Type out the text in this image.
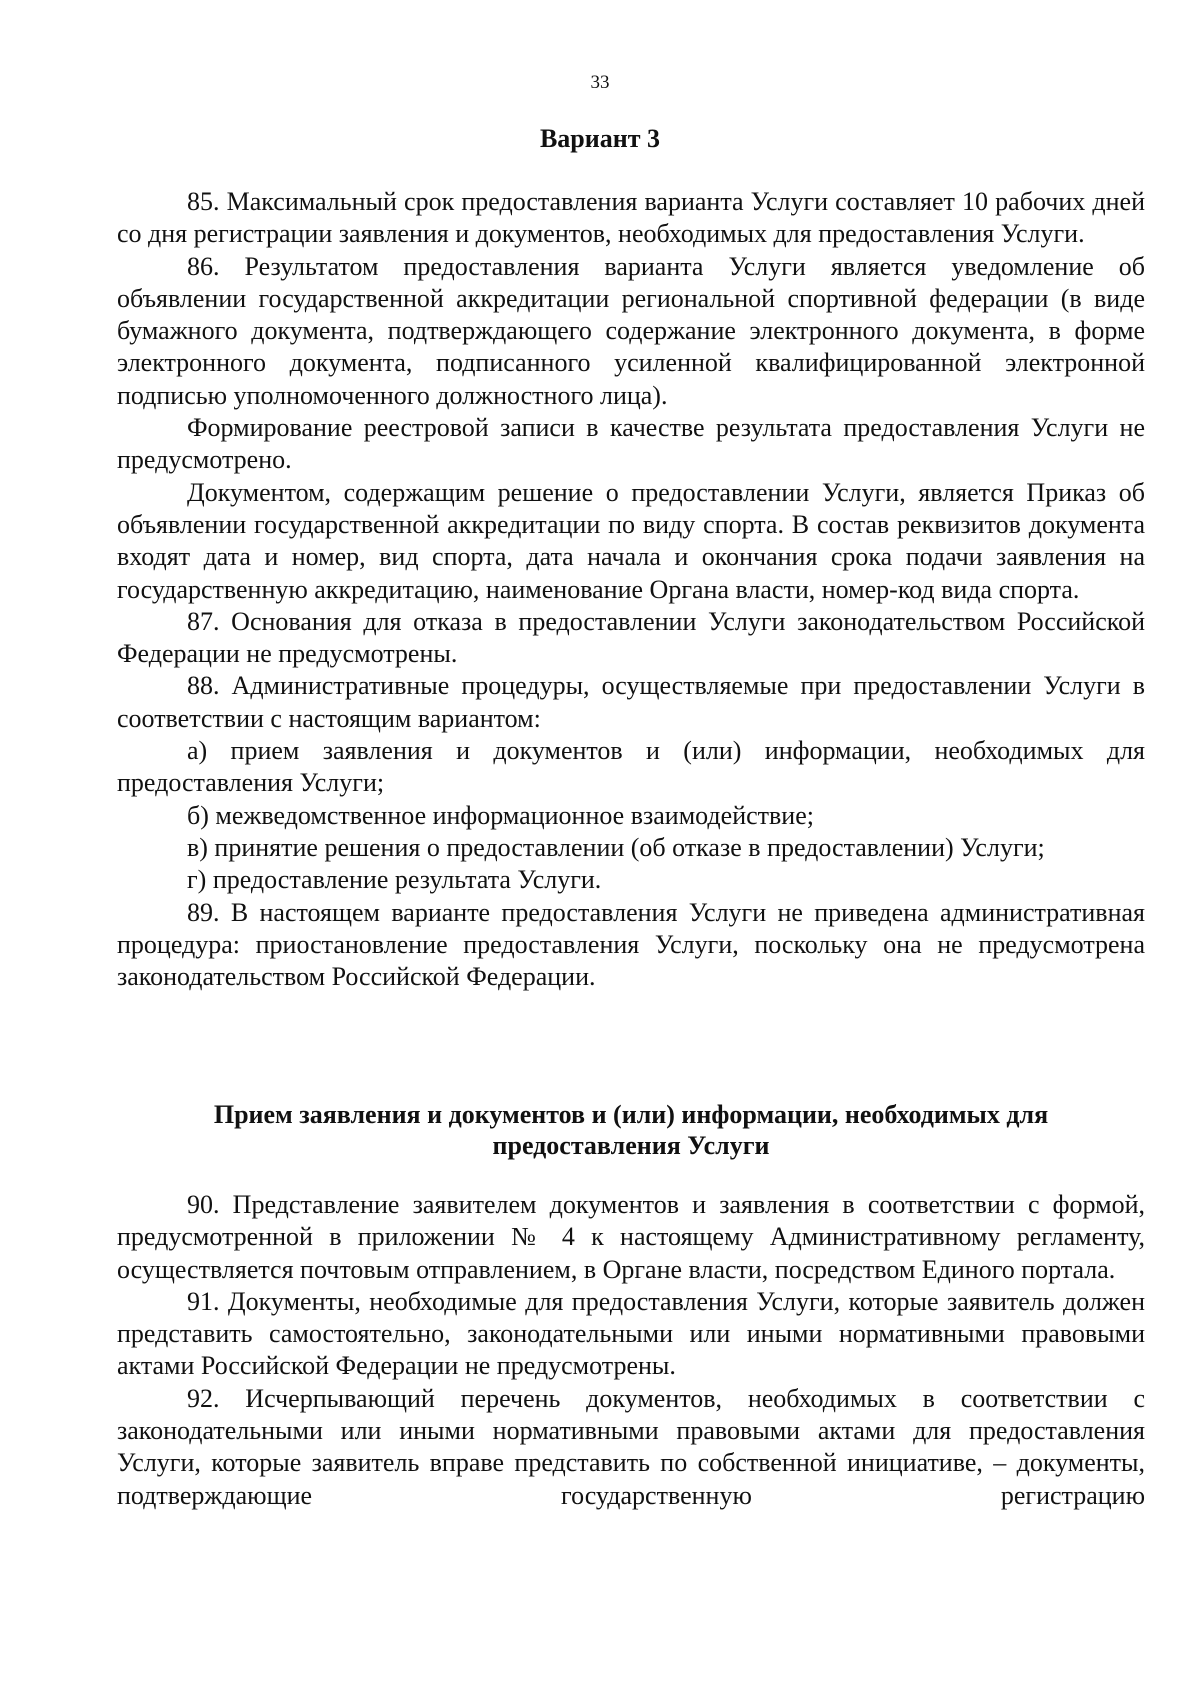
33
Вариант 3

85. Максимальный срок предоставления варианта Услуги составляет 10 рабочих дней со дня регистрации заявления и документов, необходимых для предоставления Услуги.

86. Результатом предоставления варианта Услуги является уведомление об объявлении государственной аккредитации региональной спортивной федерации (в виде бумажного документа, подтверждающего содержание электронного документа, в форме электронного документа, подписанного усиленной квалифицированной электронной подписью уполномоченного должностного лица).

Формирование реестровой записи в качестве результата предоставления Услуги не предусмотрено.

Документом, содержащим решение о предоставлении Услуги, является Приказ об объявлении государственной аккредитации по виду спорта. В состав реквизитов документа входят дата и номер, вид спорта, дата начала и окончания срока подачи заявления на государственную аккредитацию, наименование Органа власти, номер-код вида спорта.

87. Основания для отказа в предоставлении Услуги законодательством Российской Федерации не предусмотрены.

88. Административные процедуры, осуществляемые при предоставлении Услуги в соответствии с настоящим вариантом:

а) прием заявления и документов и (или) информации, необходимых для предоставления Услуги;

б) межведомственное информационное взаимодействие;

в) принятие решения о предоставлении (об отказе в предоставлении) Услуги;

г) предоставление результата Услуги.

89. В настоящем варианте предоставления Услуги не приведена административная процедура: приостановление предоставления Услуги, поскольку она не предусмотрена законодательством Российской Федерации.

Прием заявления и документов и (или) информации, необходимых для предоставления Услуги

90. Представление заявителем документов и заявления в соответствии с формой, предусмотренной в приложении № 4 к настоящему Административному регламенту, осуществляется почтовым отправлением, в Органе власти, посредством Единого портала.

91. Документы, необходимые для предоставления Услуги, которые заявитель должен представить самостоятельно, законодательными или иными нормативными правовыми актами Российской Федерации не предусмотрены.

92. Исчерпывающий перечень документов, необходимых в соответствии с законодательными или иными нормативными правовыми актами для предоставления Услуги, которые заявитель вправе представить по собственной инициативе, – документы, подтверждающие государственную регистрацию
